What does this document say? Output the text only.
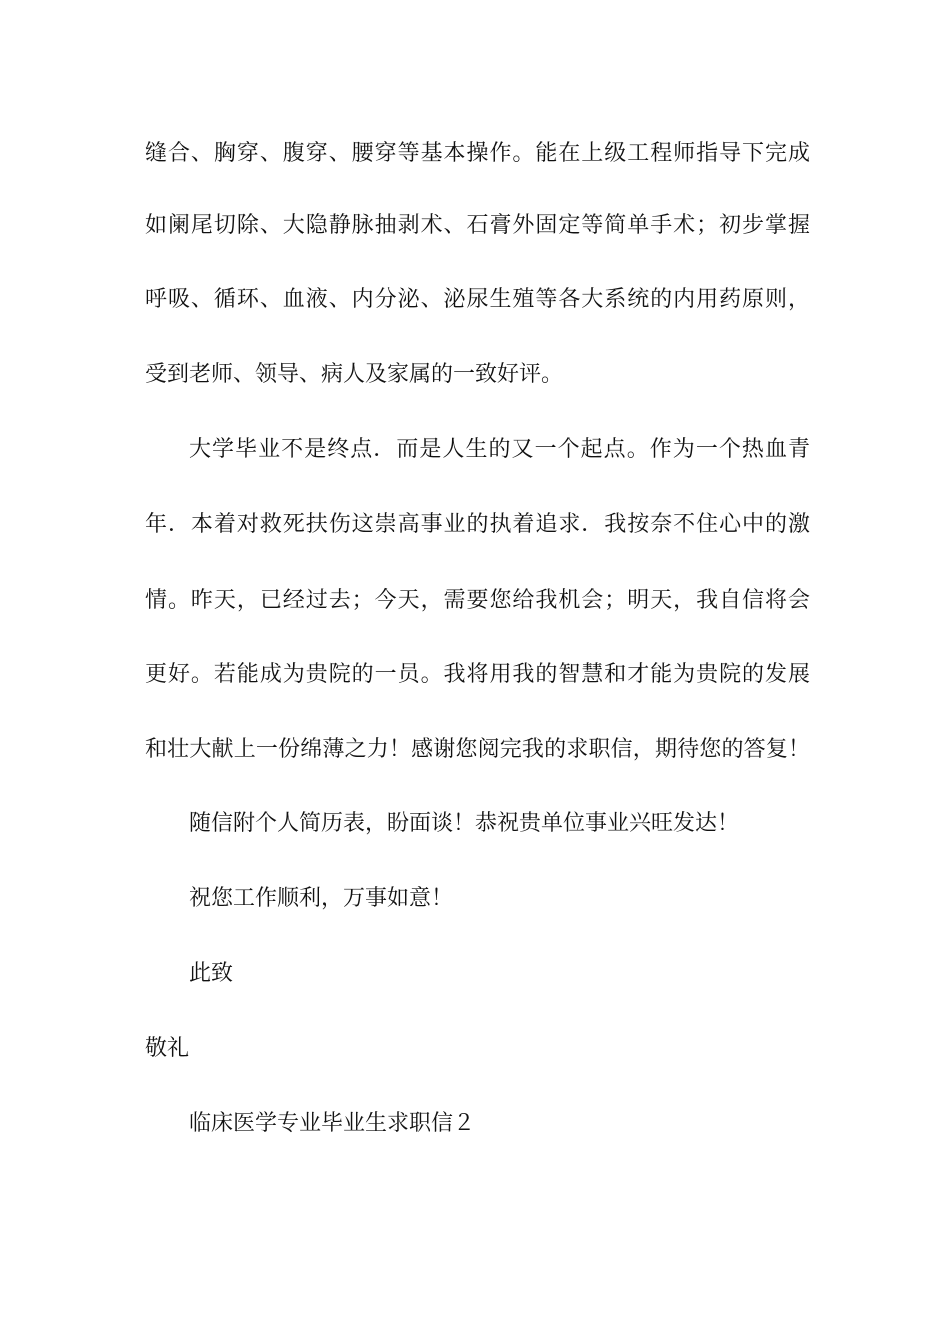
缝合、胸穿、腹穿、腰穿等基本操作。能在上级工程师指导下完成
如阑尾切除、大隐静脉抽剥术、石膏外固定等简单手术；初步掌握
呼吸、循环、血液、内分泌、泌尿生殖等各大系统的内用药原则，
受到老师、领导、病人及家属的一致好评。
大学毕业不是终点．而是人生的又一个起点。作为一个热血青
年．本着对救死扶伤这崇高事业的执着追求．我按奈不住心中的激
情。昨天，已经过去；今天，需要您给我机会；明天，我自信将会
更好。若能成为贵院的一员。我将用我的智慧和才能为贵院的发展
和壮大献上一份绵薄之力！感谢您阅完我的求职信，期待您的答复！
随信附个人简历表，盼面谈！恭祝贵单位事业兴旺发达！
祝您工作顺利，万事如意！
此致
敬礼
临床医学专业毕业生求职信２
